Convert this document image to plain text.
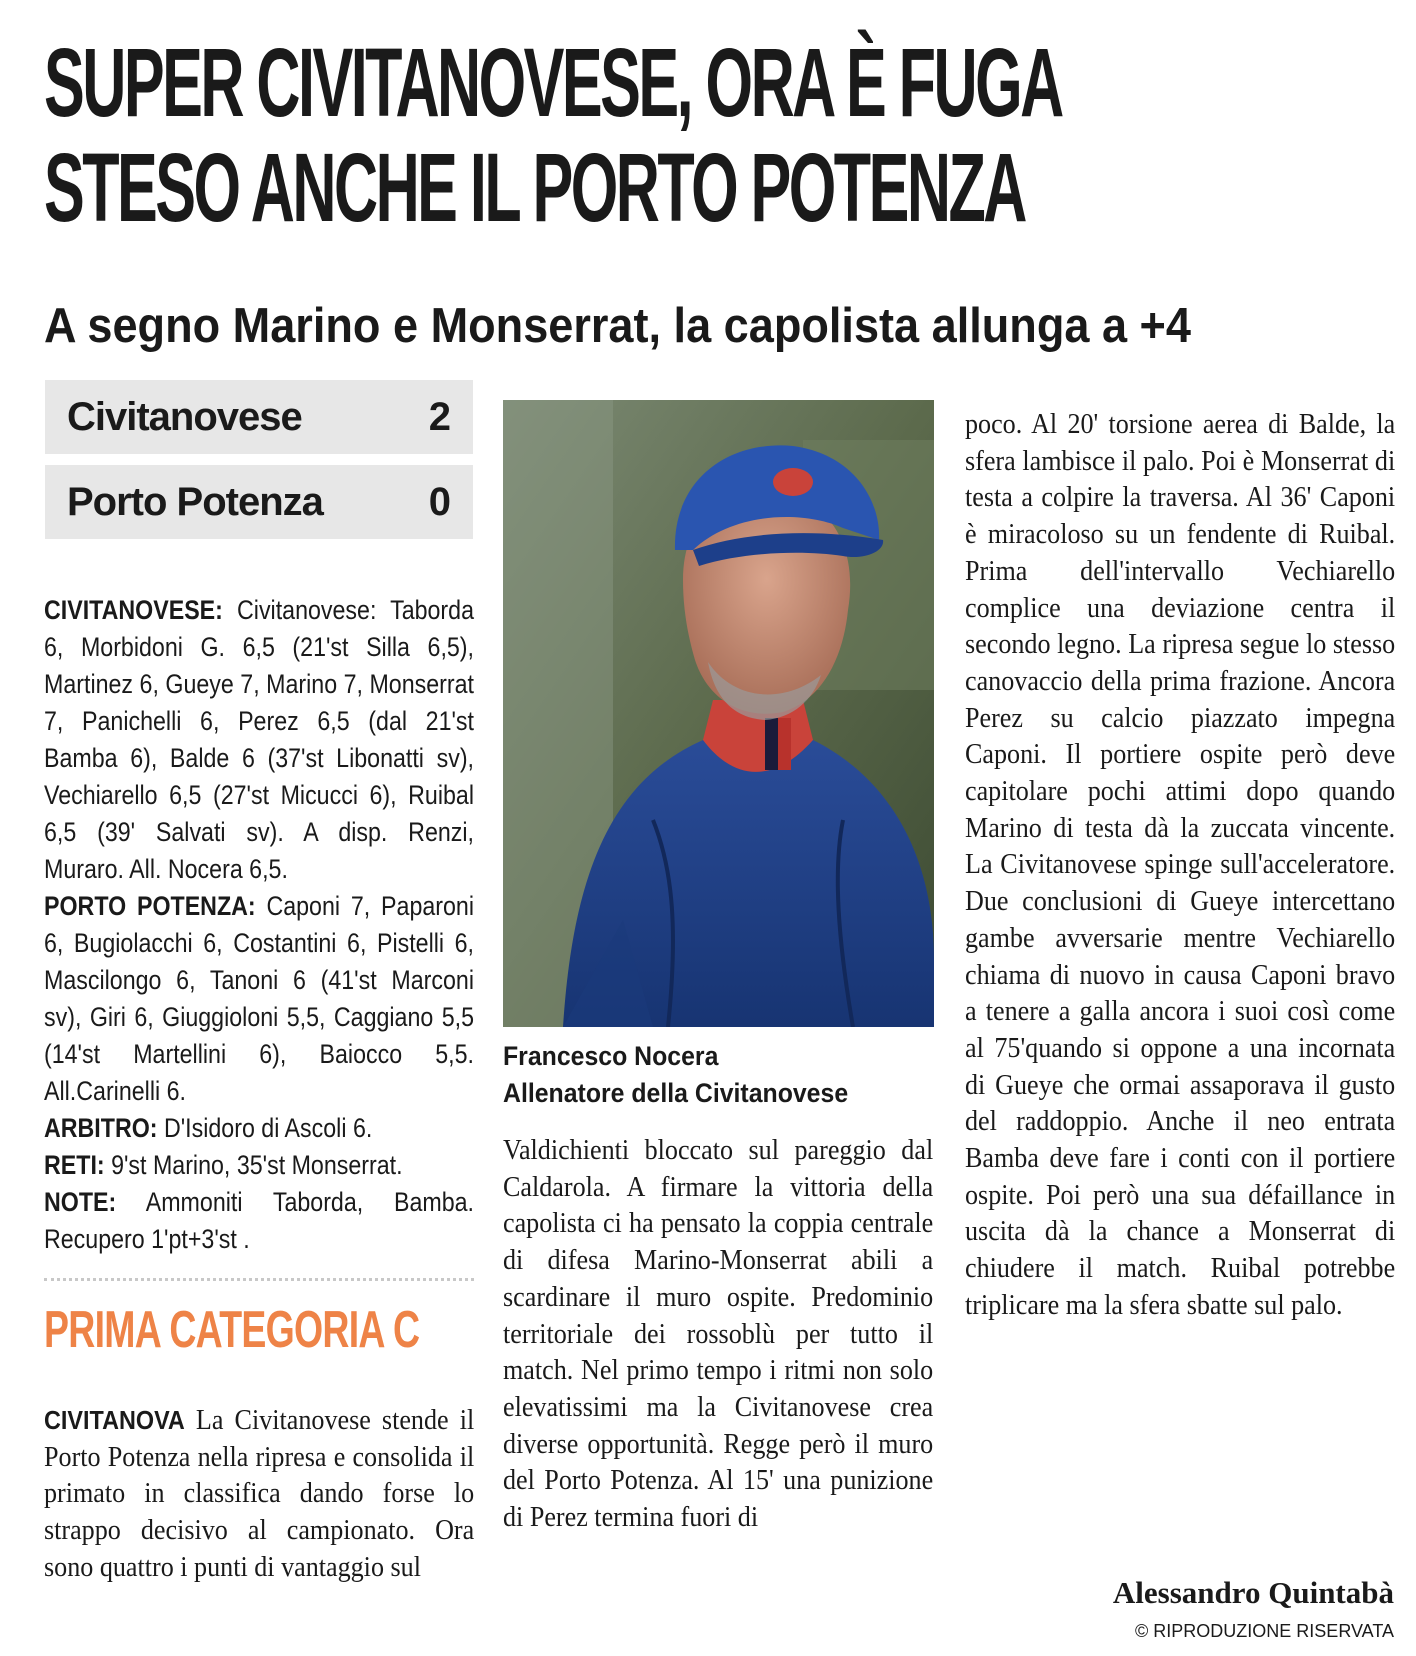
SUPER CIVITANOVESE, ORA È FUGA
STESO ANCHE IL PORTO POTENZA
A segno Marino e Monserrat, la capolista allunga a +4
Civitanovese	2
Porto Potenza	0

CIVITANOVESE: Civitanovese: Taborda 6, Morbidoni G. 6,5 (21'st Silla 6,5), Martinez 6, Gueye 7, Marino 7, Monserrat 7, Panichelli 6, Perez 6,5 (dal 21'st Bamba 6), Balde 6 (37'st Libonatti sv), Vechiarello 6,5 (27'st Micucci 6), Ruibal 6,5 (39' Salvati sv). A disp. Renzi, Muraro. All. Nocera 6,5.

PORTO POTENZA: Caponi 7, Paparoni 6, Bugiolacchi 6, Costantini 6, Pistelli 6, Mascilongo 6, Tanoni 6 (41'st Marconi sv), Giri 6, Giuggioloni 5,5, Caggiano 5,5 (14'st Martellini 6), Baiocco 5,5. All.Carinelli 6.

ARBITRO: D'Isidoro di Ascoli 6.

RETI: 9'st Marino, 35'st Monserrat.

NOTE: Ammoniti Taborda, Bamba. Recupero 1'pt+3'st .

PRIMA CATEGORIA C

CIVITANOVA La Civitanovese stende il Porto Potenza nella ripresa e consolida il primato in classifica dando forse lo strappo decisivo al campionato. Ora sono quattro i punti di vantaggio sul

Francesco Nocera
Allenatore della Civitanovese

Valdichienti bloccato sul pareggio dal Caldarola. A firmare la vittoria della capolista ci ha pensato la coppia centrale di difesa Marino-Monserrat abili a scardinare il muro ospite. Predominio territoriale dei rossoblù per tutto il match. Nel primo tempo i ritmi non solo elevatissimi ma la Civitanovese crea diverse opportunità. Regge però il muro del Porto Potenza. Al 15' una punizione di Perez termina fuori di

poco. Al 20' torsione aerea di Balde, la sfera lambisce il palo. Poi è Monserrat di testa a colpire la traversa. Al 36' Caponi è miracoloso su un fendente di Ruibal. Prima dell'intervallo Vechiarello complice una deviazione centra il secondo legno. La ripresa segue lo stesso canovaccio della prima frazione. Ancora Perez su calcio piazzato impegna Caponi. Il portiere ospite però deve capitolare pochi attimi dopo quando Marino di testa dà la zuccata vincente. La Civitanovese spinge sull'acceleratore. Due conclusioni di Gueye intercettano gambe avversarie mentre Vechiarello chiama di nuovo in causa Caponi bravo a tenere a galla ancora i suoi così come al 75'quando si oppone a una incornata di Gueye che ormai assaporava il gusto del raddoppio. Anche il neo entrata Bamba deve fare i conti con il portiere ospite. Poi però una sua défaillance in uscita dà la chance a Monserrat di chiudere il match. Ruibal potrebbe triplicare ma la sfera sbatte sul palo.

Alessandro Quintabà
© RIPRODUZIONE RISERVATA
